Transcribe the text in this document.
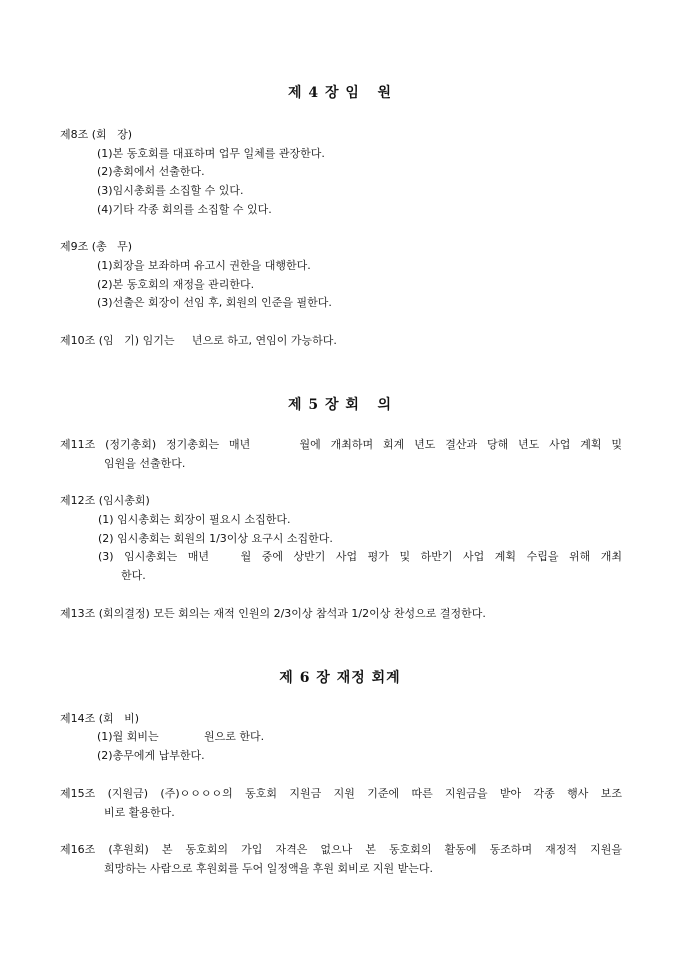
제 4 장 임   원
제8조 (회   장)
(1)본 동호회를 대표하며 업무 일체를 관장한다.
(2)총회에서 선출한다.
(3)임시총회를 소집할 수 있다.
(4)기타 각종 회의를 소집할 수 있다.
제9조 (총   무)
(1)회장을 보좌하며 유고시 권한을 대행한다.
(2)본 동호회의 재정을 관리한다.
(3)선출은 회장이 선임 후, 회원의 인준을 필한다.
제10조 (임   기) 임기는     년으로 하고, 연임이 가능하다.
제 5 장 회   의
제11조 (정기총회) 정기총회는 매년     월에 개최하며 회계 년도 결산과 당해 년도 사업 계획 및
임원을 선출한다.
제12조 (임시총회)
(1) 임시총회는 회장이 필요시 소집한다.
(2) 임시총회는 회원의 1/3이상 요구시 소집한다.
(3) 임시총회는 매년   월 중에 상반기 사업 평가 및 하반기 사업 계획 수립을 위해 개최
한다.
제13조 (회의결정) 모든 회의는 재적 인원의 2/3이상 참석과 1/2이상 찬성으로 결정한다.
제 6 장 재정 회계
제14조 (회   비)
(1)월 회비는             원으로 한다.
(2)총무에게 납부한다.
제15조 (지원금) (주)ㅇㅇㅇㅇ의 동호회 지원금 지원 기준에 따른 지원금을 받아 각종 행사 보조
비로 활용한다.
제16조 (후원회) 본 동호회의 가입 자격은 없으나 본 동호회의 활동에 동조하며 재정적 지원을
희망하는 사람으로 후원회를 두어 일정액을 후원 회비로 지원 받는다.
